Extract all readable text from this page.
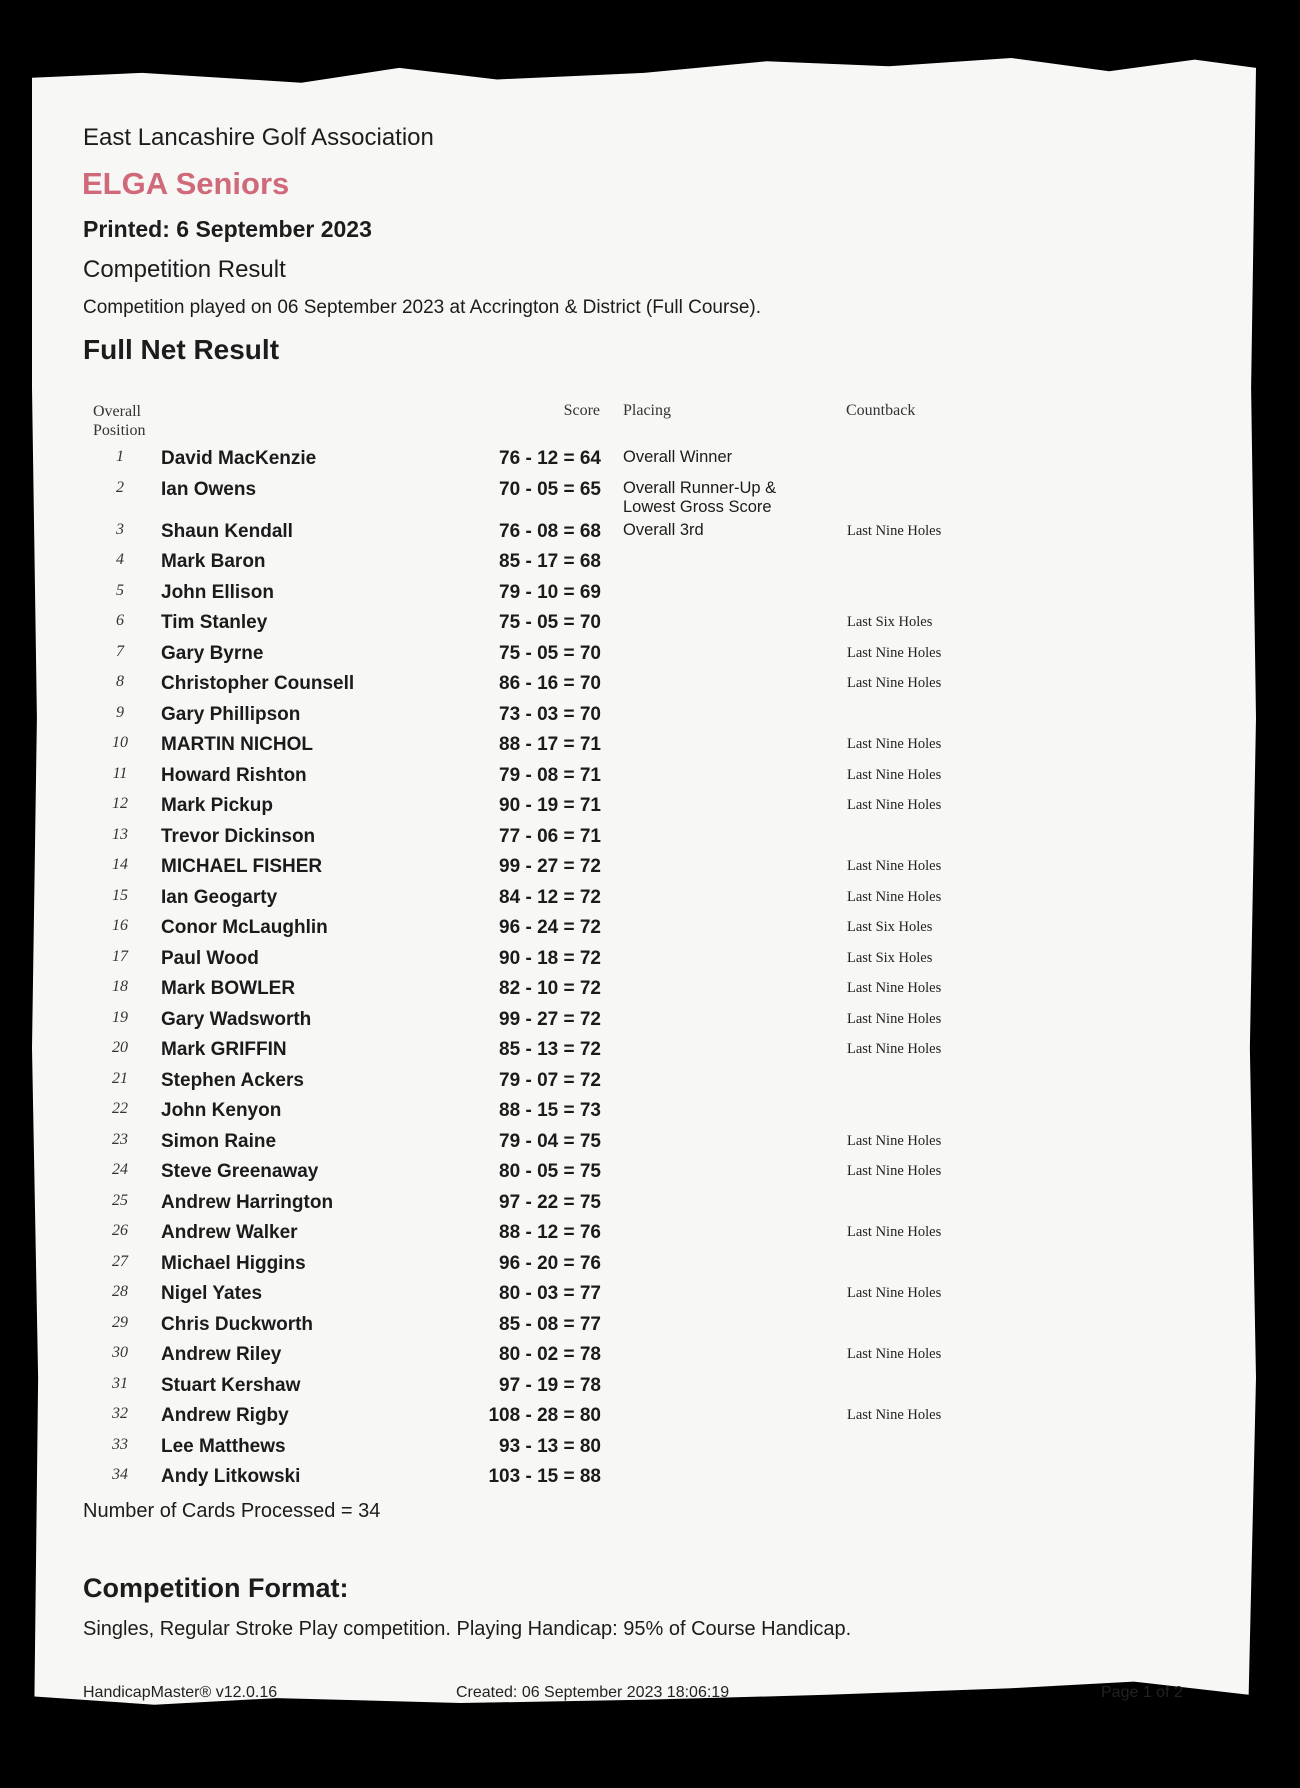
East Lancashire Golf Association
ELGA Seniors
Printed: 6 September 2023
Competition Result
Competition played on 06 September 2023 at Accrington & District (Full Course).
Full Net Result
Overall
Position
Score Placing	Countback
1	David MacKenzie	76 - 12 = 64 Overall Winner
2	Ian Owens	70 - 05 = 65 Overall Runner-Up &
Lowest Gross Score
3	Shaun Kendall	76 - 08 = 68 Overall 3rd	Last Nine Holes
4	Mark Baron	85 - 17 = 68
5	John Ellison	79 - 10 = 69
6	Tim Stanley	75 - 05 = 70	Last Six Holes
7	Gary Byrne	75 - 05 = 70	Last Nine Holes
8	Christopher Counsell	86 - 16 = 70	Last Nine Holes
9	Gary Phillipson	73 - 03 = 70
10	MARTIN NICHOL	88 - 17 = 71	Last Nine Holes
11	Howard Rishton	79 - 08 = 71	Last Nine Holes
12	Mark Pickup	90 - 19 = 71	Last Nine Holes
13	Trevor Dickinson	77 - 06 = 71
14	MICHAEL FISHER	99 - 27 = 72	Last Nine Holes
15	Ian Geogarty	84 - 12 = 72	Last Nine Holes
16	Conor McLaughlin	96 - 24 = 72	Last Six Holes
17	Paul Wood	90 - 18 = 72	Last Six Holes
18	Mark BOWLER	82 - 10 = 72	Last Nine Holes
19	Gary Wadsworth	99 - 27 = 72	Last Nine Holes
20	Mark GRIFFIN	85 - 13 = 72	Last Nine Holes
21	Stephen Ackers	79 - 07 = 72
22	John Kenyon	88 - 15 = 73
23	Simon Raine	79 - 04 = 75	Last Nine Holes
24	Steve Greenaway	80 - 05 = 75	Last Nine Holes
25	Andrew Harrington	97 - 22 = 75
26	Andrew Walker	88 - 12 = 76	Last Nine Holes
27	Michael Higgins	96 - 20 = 76
28	Nigel Yates	80 - 03 = 77	Last Nine Holes
29	Chris Duckworth	85 - 08 = 77
30	Andrew Riley	80 - 02 = 78	Last Nine Holes
31	Stuart Kershaw	97 - 19 = 78
32	Andrew Rigby	108 - 28 = 80	Last Nine Holes
33	Lee Matthews	93 - 13 = 80
34	Andy Litkowski	103 - 15 = 88
Number of Cards Processed = 34
Competition Format:
Singles, Regular Stroke Play competition. Playing Handicap: 95% of Course Handicap.
HandicapMaster® v12.0.16	Created: 06 September 2023 18:06:19	Page 1 of 2
